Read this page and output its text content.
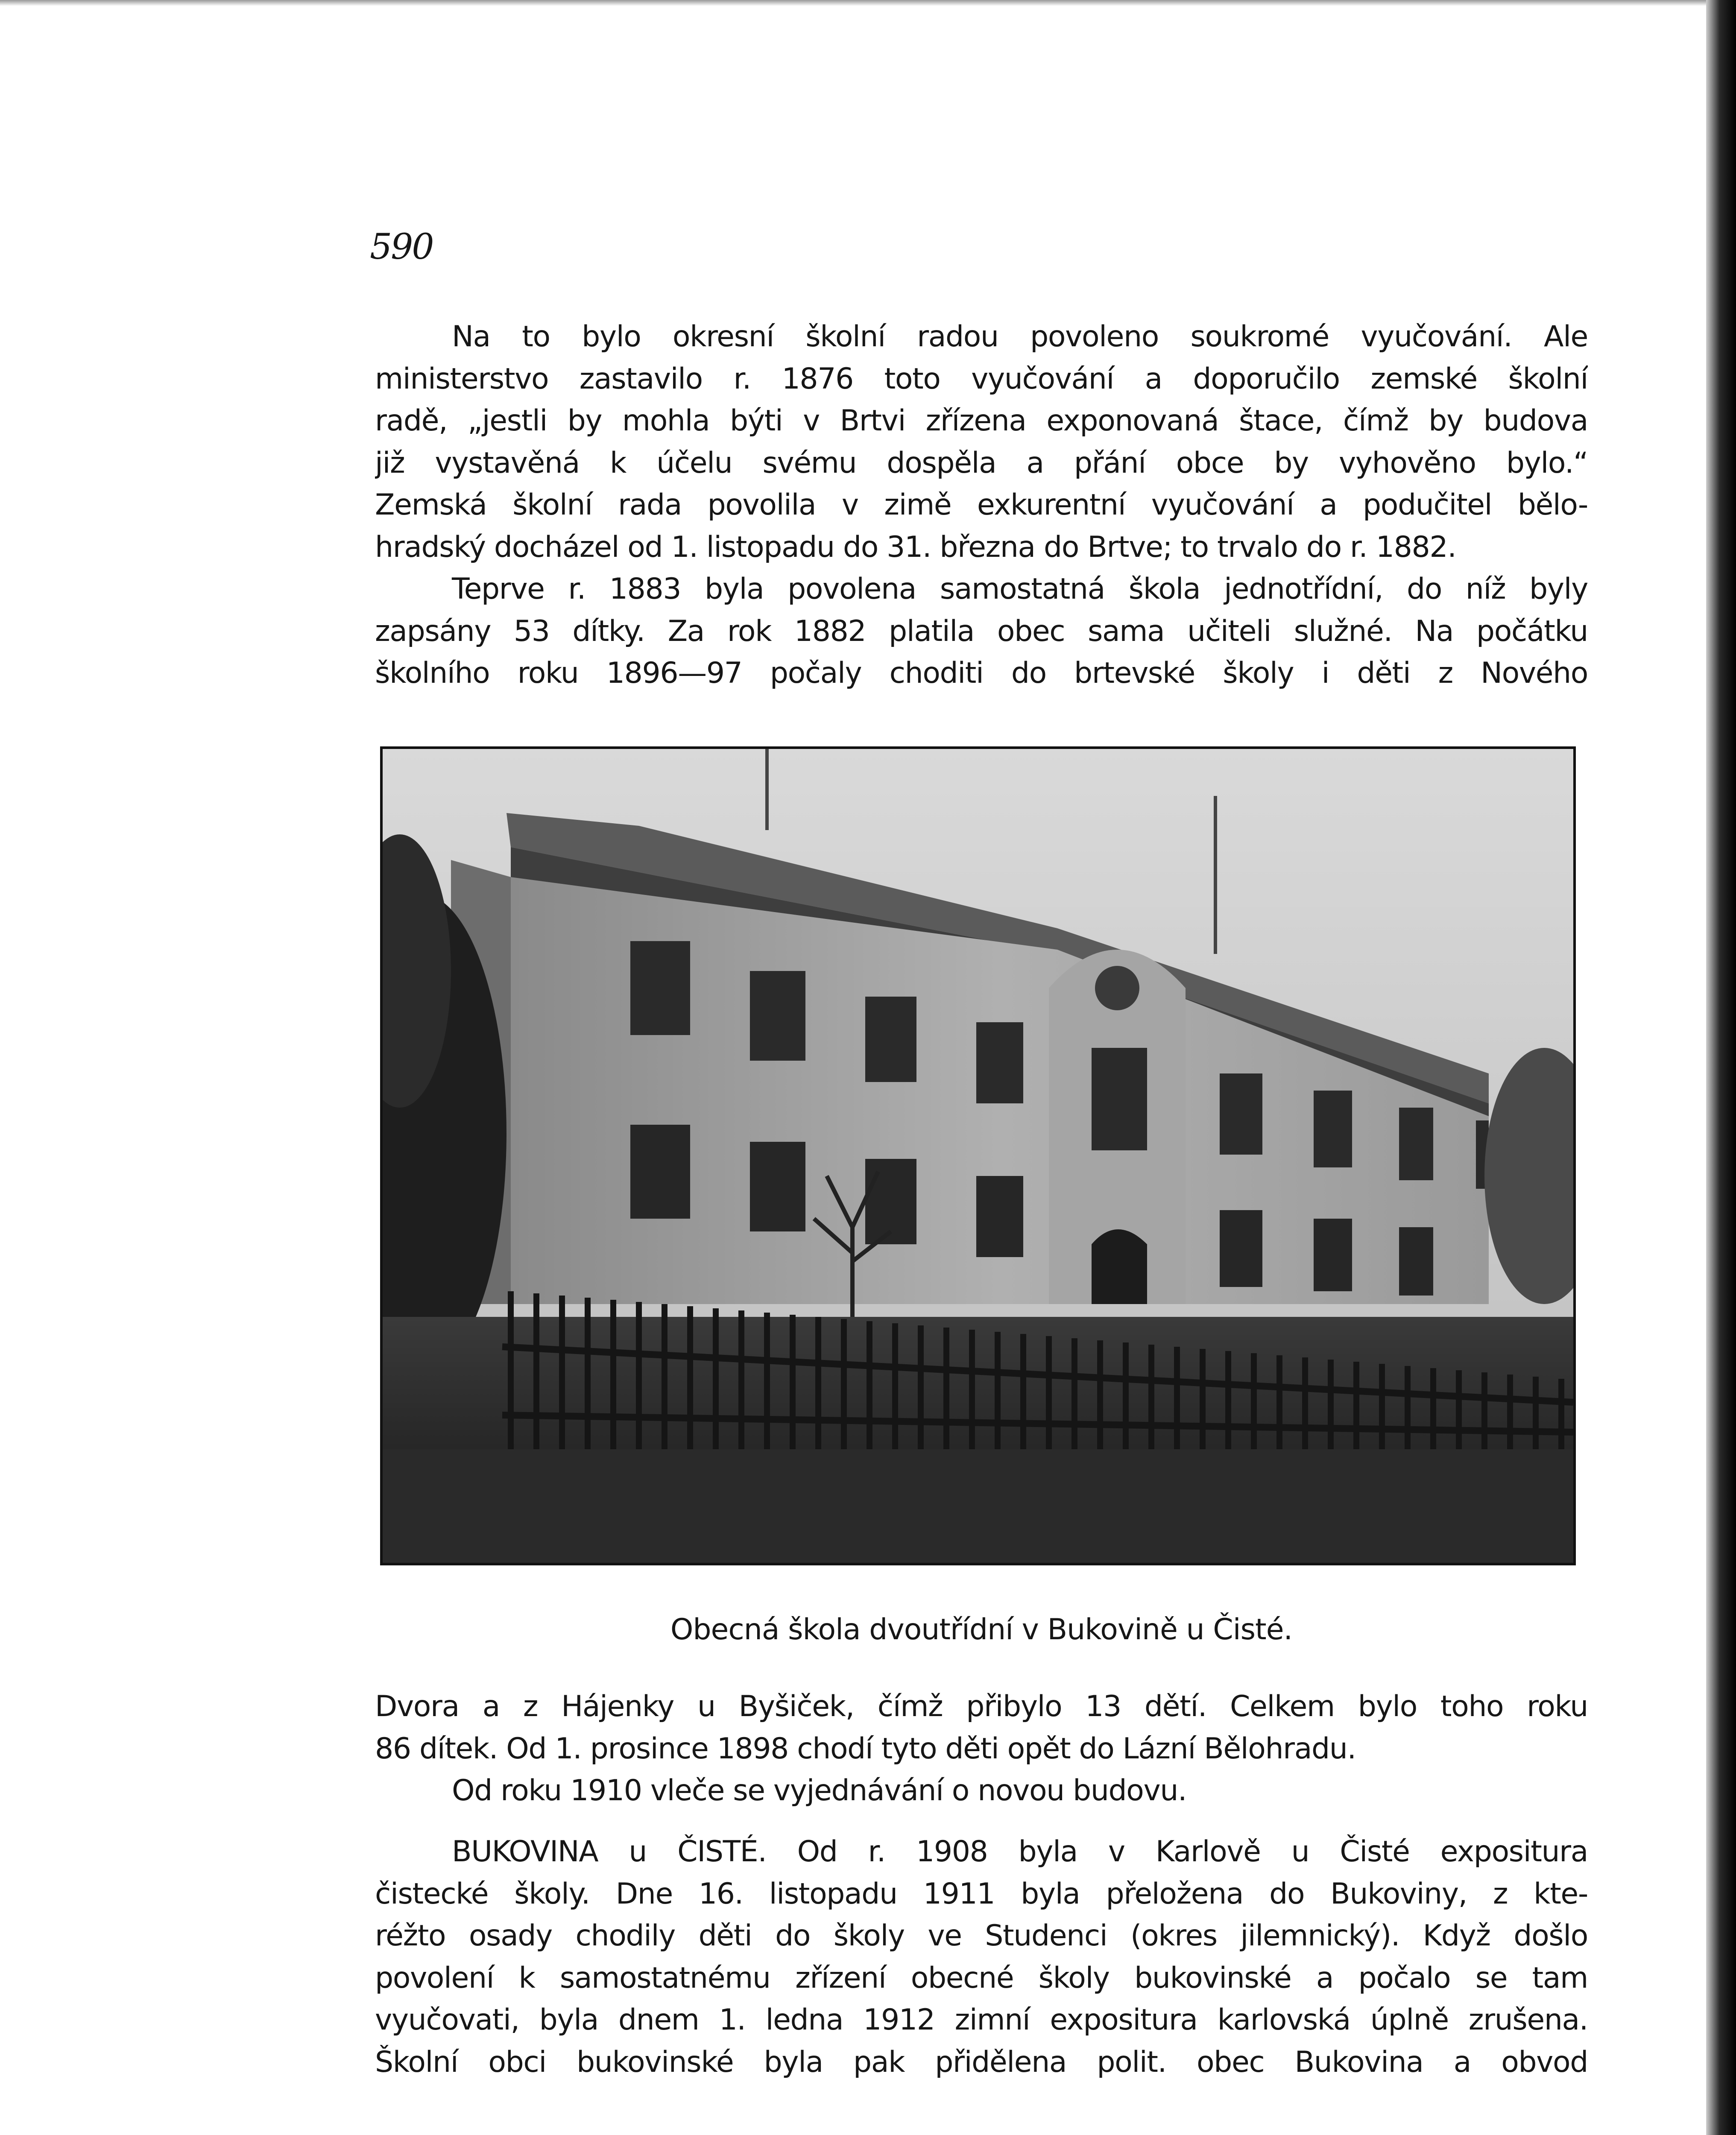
590
Na to bylo okresní školní radou povoleno soukromé vyučování. Ale
ministerstvo zastavilo r. 1876 toto vyučování a doporučilo zemské školní
radě, „jestli by mohla býti v Brtvi zřízena exponovaná štace, čímž by budova
již vystavěná k účelu svému dospěla a přání obce by vyhověno bylo.“
Zemská školní rada povolila v zimě exkurentní vyučování a podučitel bělo-
hradský docházel od 1. listopadu do 31. března do Brtve; to trvalo do r. 1882.
Teprve r. 1883 byla povolena samostatná škola jednotřídní, do níž byly
zapsány 53 dítky. Za rok 1882 platila obec sama učiteli služné. Na počátku
školního roku 1896—97 počaly choditi do brtevské školy i děti z Nového
Obecná škola dvoutřídní v Bukovině u Čisté.
Dvora a z Hájenky u Byšiček, čímž přibylo 13 dětí. Celkem bylo toho roku
86 dítek. Od 1. prosince 1898 chodí tyto děti opět do Lázní Bělohradu.
Od roku 1910 vleče se vyjednávání o novou budovu.
BUKOVINA u ČISTÉ. Od r. 1908 byla v Karlově u Čisté expositura
čistecké školy. Dne 16. listopadu 1911 byla přeložena do Bukoviny, z kte-
réžto osady chodily děti do školy ve Studenci (okres jilemnický). Když došlo
povolení k samostatnému zřízení obecné školy bukovinské a počalo se tam
vyučovati, byla dnem 1. ledna 1912 zimní expositura karlovská úplně zrušena.
Školní obci bukovinské byla pak přidělena polit. obec Bukovina a obvod
